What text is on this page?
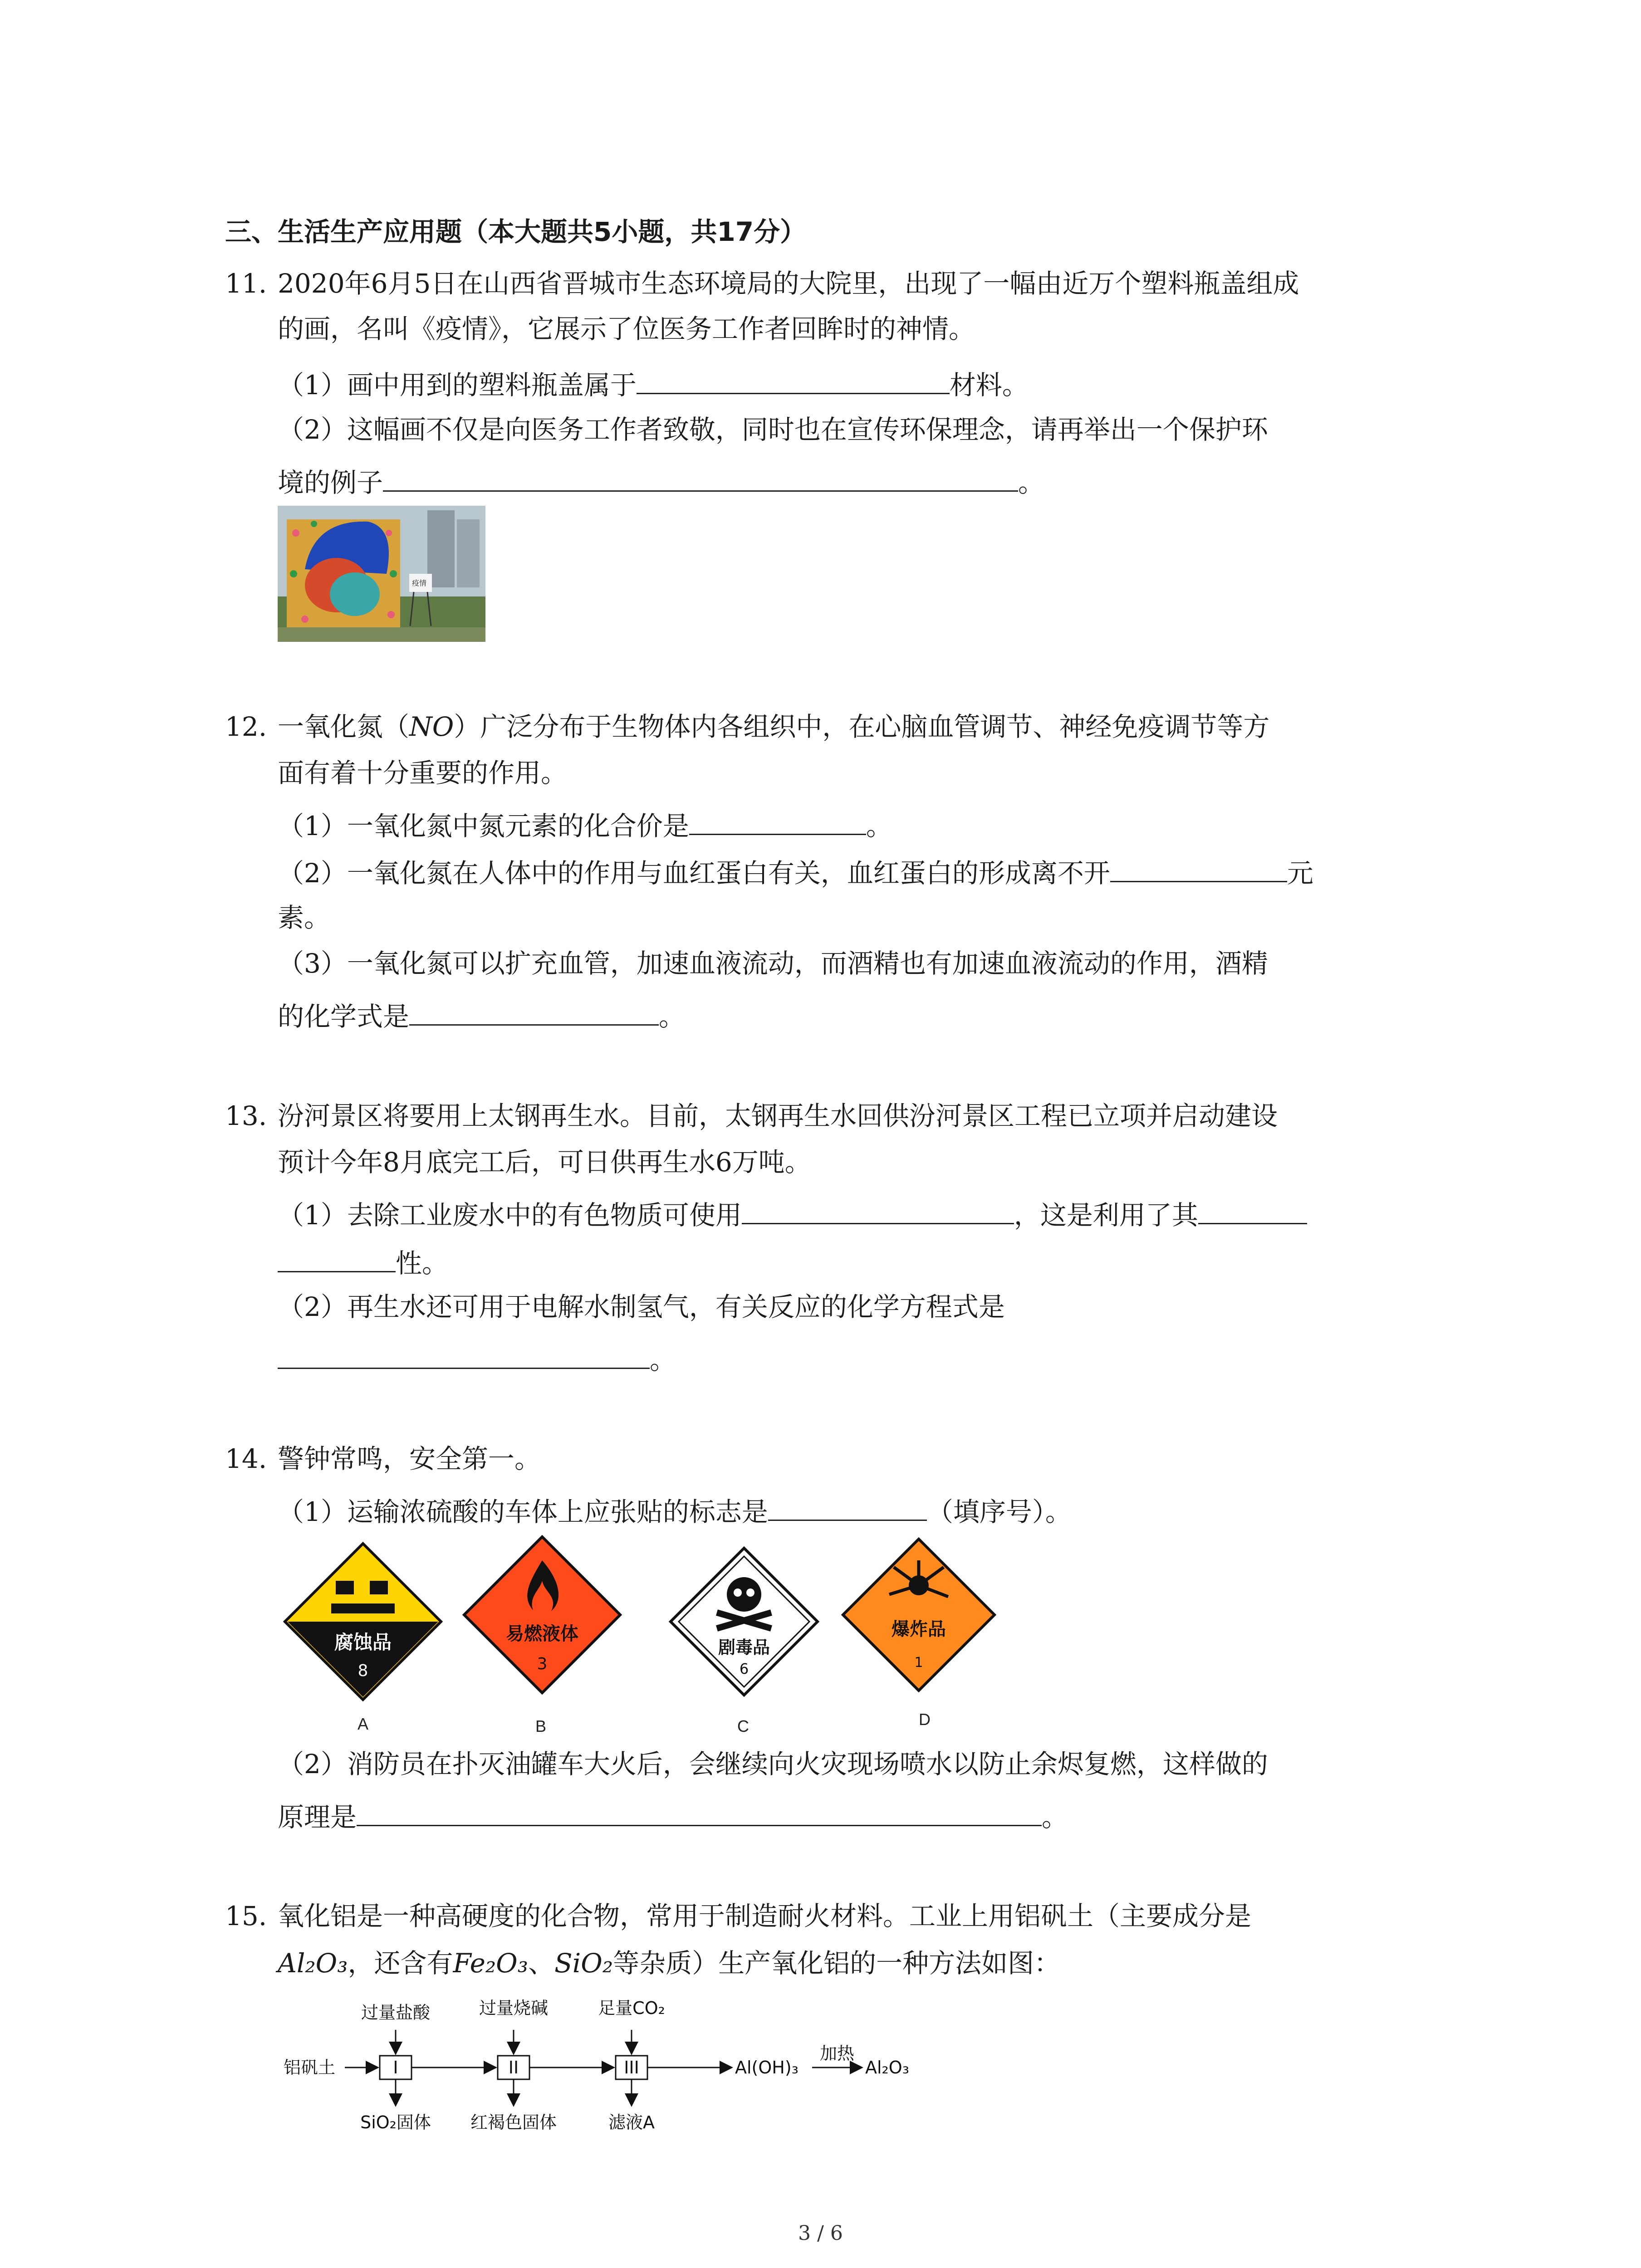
三、生活生产应用题（本大题共5小题，共17分）
11. 2020年6月5日在山西省晋城市生态环境局的大院里，出现了一幅由近万个塑料瓶盖组成
的画，名叫《疫情》，它展示了位医务工作者回眸时的神情。
（1）画中用到的塑料瓶盖属于	材料。
（2）这幅画不仅是向医务工作者致敬，同时也在宣传环保理念，请再举出一个保护环
境的例子	。
疫情
12. 一氧化氮（NO）广泛分布于生物体内各组织中，在心脑血管调节、神经免疫调节等方
面有着十分重要的作用。
（1）一氧化氮中氮元素的化合价是	。
（2）一氧化氮在人体中的作用与血红蛋白有关，血红蛋白的形成离不开	元
素。
（3）一氧化氮可以扩充血管，加速血液流动，而酒精也有加速血液流动的作用，酒精
的化学式是	。
13. 汾河景区将要用上太钢再生水。目前，太钢再生水回供汾河景区工程已立项并启动建设
预计今年8月底完工后，可日供再生水6万吨。
（1）去除工业废水中的有色物质可使用	，这是利用了其
性。
（2）再生水还可用于电解水制氢气，有关反应的化学方程式是
。
14. 警钟常鸣，安全第一。
（1）运输浓硫酸的车体上应张贴的标志是	（填序号）。
腐蚀品
8
易燃液体
3
剧毒品
6
爆炸品
1
A	B	C	D
（2）消防员在扑灭油罐车大火后，会继续向火灾现场喷水以防止余烬复燃，这样做的
原理是	。
15. 氧化铝是一种高硬度的化合物，常用于制造耐火材料。工业上用铝矾土（主要成分是
Al₂O₃，还含有Fe₂O₃、SiO₂等杂质）生产氧化铝的一种方法如图：
铝矾土	I	II	III
过量盐酸	过量烧碱	足量CO₂
SiO₂固体 红褐色固体	滤液A
Al(OH)₃
加热
Al₂O₃
3 / 6
